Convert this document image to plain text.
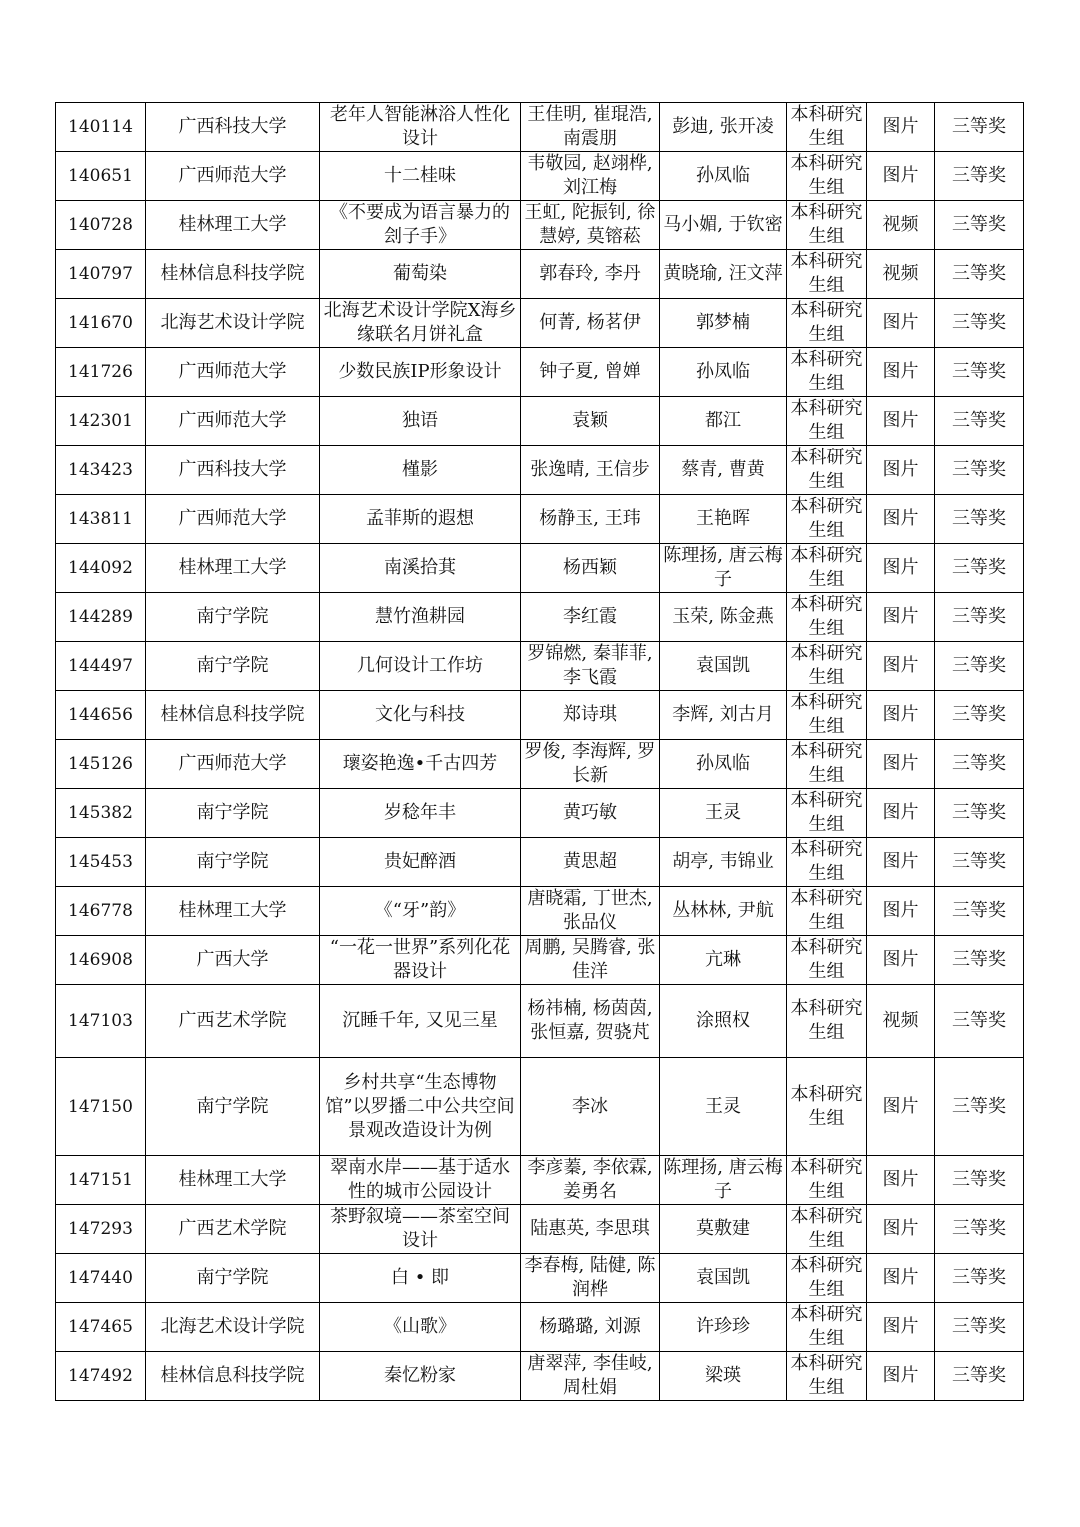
140114	广西科技大学	老年人智能淋浴人性化设计	王佳明, 崔琨浩, 南震朋	彭迪, 张开凌	本科研究生组	图片	三等奖
140651	广西师范大学	十二桂味	韦敬园, 赵翊桦, 刘江梅	孙凤临	本科研究生组	图片	三等奖
140728	桂林理工大学	《不要成为语言暴力的刽子手》	王虹, 陀振钊, 徐慧婷, 莫镕菘	马小媚, 于钦密	本科研究生组	视频	三等奖
140797	桂林信息科技学院	葡萄染	郭春玲, 李丹	黄晓瑜, 汪文萍	本科研究生组	视频	三等奖
141670	北海艺术设计学院	北海艺术设计学院X海乡缘联名月饼礼盒	何菁, 杨茗伊	郭梦楠	本科研究生组	图片	三等奖
141726	广西师范大学	少数民族IP形象设计	钟子夏, 曾婵	孙凤临	本科研究生组	图片	三等奖
142301	广西师范大学	独语	袁颖	都江	本科研究生组	图片	三等奖
143423	广西科技大学	槿影	张逸晴, 王信步	蔡青, 曹黄	本科研究生组	图片	三等奖
143811	广西师范大学	孟菲斯的遐想	杨静玉, 王玮	王艳晖	本科研究生组	图片	三等奖
144092	桂林理工大学	南溪拾萁	杨西颖	陈理扬, 唐云梅子	本科研究生组	图片	三等奖
144289	南宁学院	慧竹渔耕园	李红霞	玉荣, 陈金燕	本科研究生组	图片	三等奖
144497	南宁学院	几何设计工作坊	罗锦燃, 秦菲菲, 李飞霞	袁国凯	本科研究生组	图片	三等奖
144656	桂林信息科技学院	文化与科技	郑诗琪	李辉, 刘古月	本科研究生组	图片	三等奖
145126	广西师范大学	瓌姿艳逸•千古四芳	罗俊, 李海辉, 罗长新	孙凤临	本科研究生组	图片	三等奖
145382	南宁学院	岁稔年丰	黄巧敏	王灵	本科研究生组	图片	三等奖
145453	南宁学院	贵妃醉酒	黄思超	胡亭, 韦锦业	本科研究生组	图片	三等奖
146778	桂林理工大学	《“牙”韵》	唐晓霜, 丁世杰, 张品仪	丛林林, 尹航	本科研究生组	图片	三等奖
146908	广西大学	“一花一世界”系列化花器设计	周鹏, 吴腾睿, 张佳洋	亢琳	本科研究生组	图片	三等奖
147103	广西艺术学院	沉睡千年, 又见三星	杨祎楠, 杨茵茵, 张恒嘉, 贺骁芃	涂照权	本科研究生组	视频	三等奖
147150	南宁学院	乡村共享“生态博物馆”以罗播二中公共空间景观改造设计为例	李冰	王灵	本科研究生组	图片	三等奖
147151	桂林理工大学	翠南水岸——基于适水性的城市公园设计	李彦蓁, 李依霖, 姜勇名	陈理扬, 唐云梅子	本科研究生组	图片	三等奖
147293	广西艺术学院	茶野叙境——茶室空间设计	陆惠英, 李思琪	莫敷建	本科研究生组	图片	三等奖
147440	南宁学院	白 • 即	李春梅, 陆健, 陈润桦	袁国凯	本科研究生组	图片	三等奖
147465	北海艺术设计学院	《山歌》	杨璐璐, 刘源	许珍珍	本科研究生组	图片	三等奖
147492	桂林信息科技学院	秦忆粉家	唐翠萍, 李佳岐, 周杜娟	梁瑛	本科研究生组	图片	三等奖
